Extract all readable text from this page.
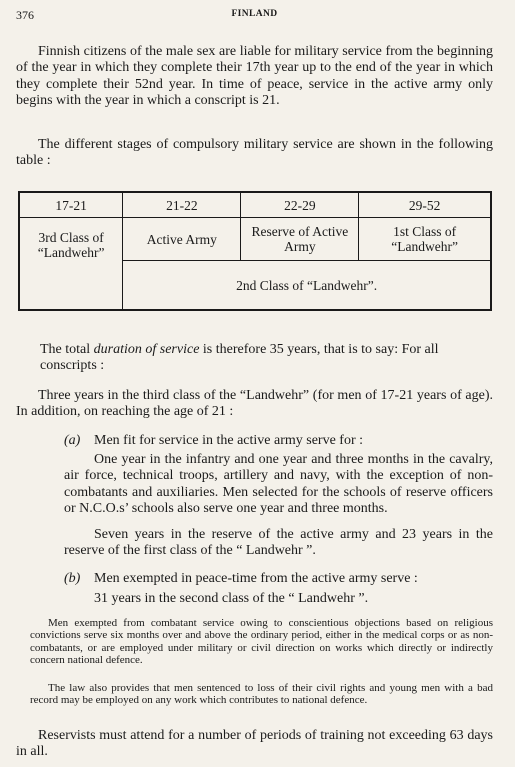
376	FINLAND

Finnish citizens of the male sex are liable for military service from the beginning of the year in which they complete their 17th year up to the end of the year in which they complete their 52nd year. In time of peace, service in the active army only begins with the year in which a conscript is 21.

The different stages of compulsory military service are shown in the following table :

17-21	21-22	22-29	29-52
3rd Class of “Landwehr”	Active Army	Reserve of Active Army	1st Class of “Landwehr”
	2nd Class of “Landwehr”.		

The total duration of service is therefore 35 years, that is to say: For all conscripts :

Three years in the third class of the “Landwehr” (for men of 17-21 years of age). In addition, on reaching the age of 21 :

(a) Men fit for service in the active army serve for :

One year in the infantry and one year and three months in the cavalry, air force, technical troops, artillery and navy, with the exception of non-combatants and auxiliaries. Men selected for the schools of reserve officers or N.C.O.s’ schools also serve one year and three months.

Seven years in the reserve of the active army and 23 years in the reserve of the first class of the “ Landwehr ”.

(b) Men exempted in peace-time from the active army serve :

31 years in the second class of the “ Landwehr ”.

Men exempted from combatant service owing to conscientious objections based on religious convictions serve six months over and above the ordinary period, either in the medical corps or as non-combatants, or are employed under military or civil direction on works which directly or indirectly concern national defence.

The law also provides that men sentenced to loss of their civil rights and young men with a bad record may be employed on any work which contributes to national defence.

Reservists must attend for a number of periods of training not exceeding 63 days in all.
